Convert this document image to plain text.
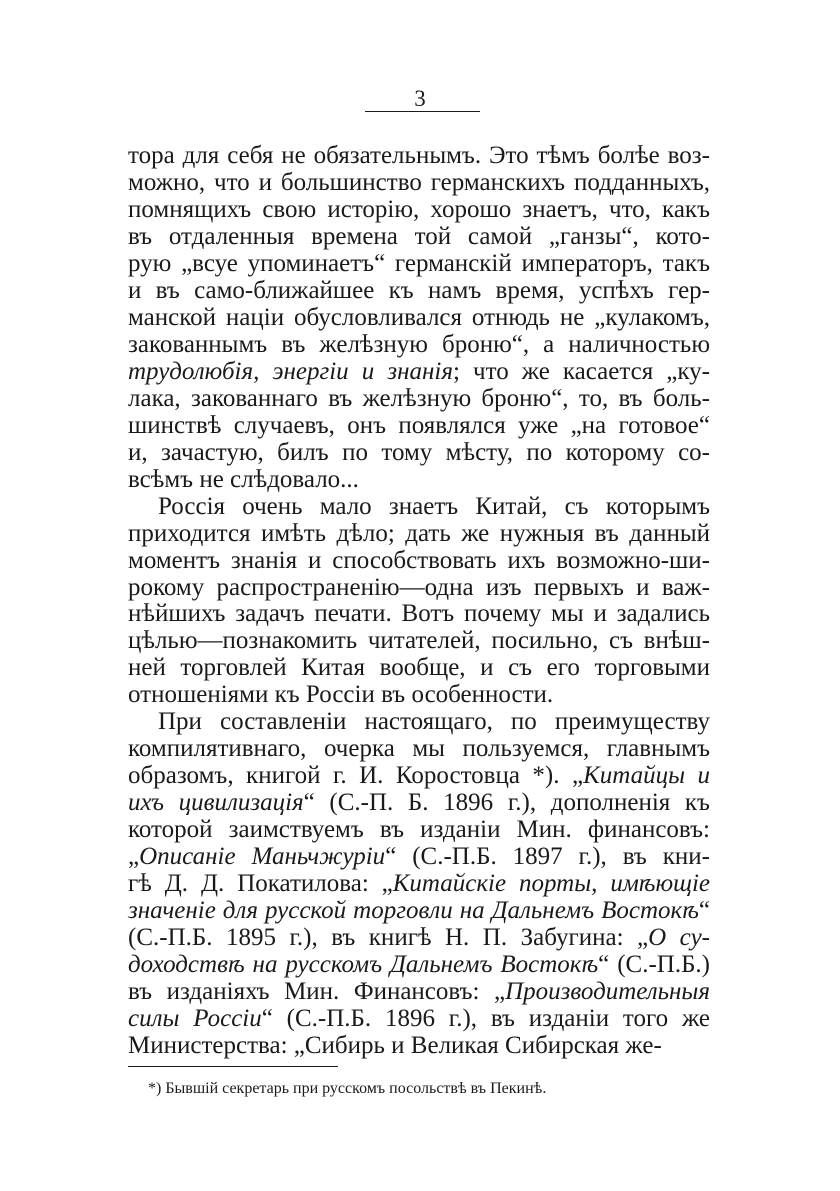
3
тора для себя не обязательнымъ. Это тѣмъ болѣе воз-
можно, что и большинство германскихъ подданныхъ,
помнящихъ свою исторію, хорошо знаетъ, что, какъ
въ отдаленныя времена той самой „ганзы“, кото-
рую „всуе упоминаетъ“ германскій императоръ, такъ
и въ само-ближайшее къ намъ время, успѣхъ гер-
манской націи обусловливался отнюдь не „кулакомъ,
закованнымъ въ желѣзную броню“, а наличностью
трудолюбія, энергіи и знанія; что же касается „ку-
лака, закованнаго въ желѣзную броню“, то, въ боль-
шинствѣ случаевъ, онъ появлялся уже „на готовое“
и, зачастую, билъ по тому мѣсту, по которому со-
всѣмъ не слѣдовало...
Россія очень мало знаетъ Китай, съ которымъ
приходится имѣть дѣло; дать же нужныя въ данный
моментъ знанія и способствовать ихъ возможно-ши-
рокому распространенію—одна изъ первыхъ и важ-
нѣйшихъ задачъ печати. Вотъ почему мы и задались
цѣлью—познакомить читателей, посильно, съ внѣш-
ней торговлей Китая вообще, и съ его торговыми
отношеніями къ Россіи въ особенности.
При составленіи настоящаго, по преимуществу
компилятивнаго, очерка мы пользуемся, главнымъ
образомъ, книгой г. И. Коростовца *). „Китайцы и
ихъ цивилизація“ (С.-П. Б. 1896 г.), дополненія къ
которой заимствуемъ въ изданіи Мин. финансовъ:
„Описаніе Маньчжуріи“ (С.-П.Б. 1897 г.), въ кни-
гѣ Д. Д. Покатилова: „Китайскіе порты, имѣющіе
значеніе для русской торговли на Дальнемъ Востокѣ“
(С.-П.Б. 1895 г.), въ книгѣ Н. П. Забугина: „О су-
доходствѣ на русскомъ Дальнемъ Востокѣ“ (С.-П.Б.)
въ изданіяхъ Мин. Финансовъ: „Производительныя
силы Россіи“ (С.-П.Б. 1896 г.), въ изданіи того же
Министерства: „Сибирь и Великая Сибирская же-
*) Бывшій секретарь при русскомъ посольствѣ въ Пекинѣ.
